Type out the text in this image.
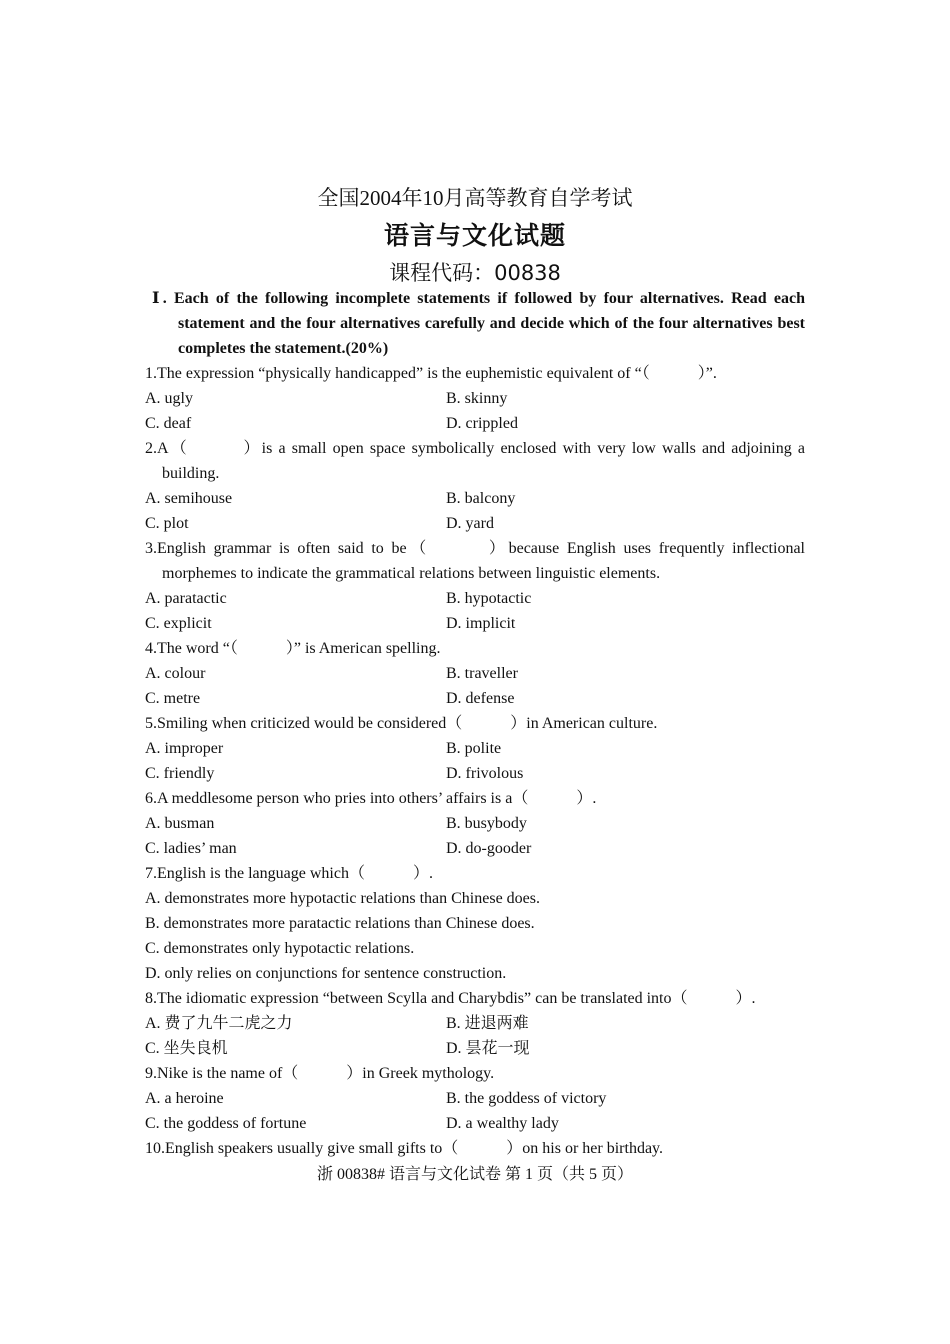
全国2004年10月高等教育自学考试
语言与文化试题
课程代码：00838
Ⅰ. Each of the following incomplete statements if followed by four alternatives. Read each statement and the four alternatives carefully and decide which of the four alternatives best completes the statement.(20%)
1.The expression “physically handicapped” is the euphemistic equivalent of “（　　　）”.
A. ugly	B. skinny
C. deaf	D. crippled
2.A（　　　）is a small open space symbolically enclosed with very low walls and adjoining a building.
A. semihouse	B. balcony
C. plot	D. yard
3.English grammar is often said to be（　　　）because English uses frequently inflectional morphemes to indicate the grammatical relations between linguistic elements.
A. paratactic	B. hypotactic
C. explicit	D. implicit
4.The word “（　　　）” is American spelling.
A. colour	B. traveller
C. metre	D. defense
5.Smiling when criticized would be considered（　　　）in American culture.
A. improper	B. polite
C. friendly	D. frivolous
6.A meddlesome person who pries into others’ affairs is a（　　　）.
A. busman	B. busybody
C. ladies’ man	D. do-gooder
7.English is the language which（　　　）.
A. demonstrates more hypotactic relations than Chinese does.
B. demonstrates more paratactic relations than Chinese does.
C. demonstrates only hypotactic relations.
D. only relies on conjunctions for sentence construction.
8.The idiomatic expression “between Scylla and Charybdis” can be translated into（　　　）.
A. 费了九牛二虎之力	B. 进退两难
C. 坐失良机	D. 昙花一现
9.Nike is the name of（　　　）in Greek mythology.
A. a heroine	B. the goddess of victory
C. the goddess of fortune	D. a wealthy lady
10.English speakers usually give small gifts to（　　　）on his or her birthday.
浙 00838# 语言与文化试卷 第 1 页（共 5 页）
